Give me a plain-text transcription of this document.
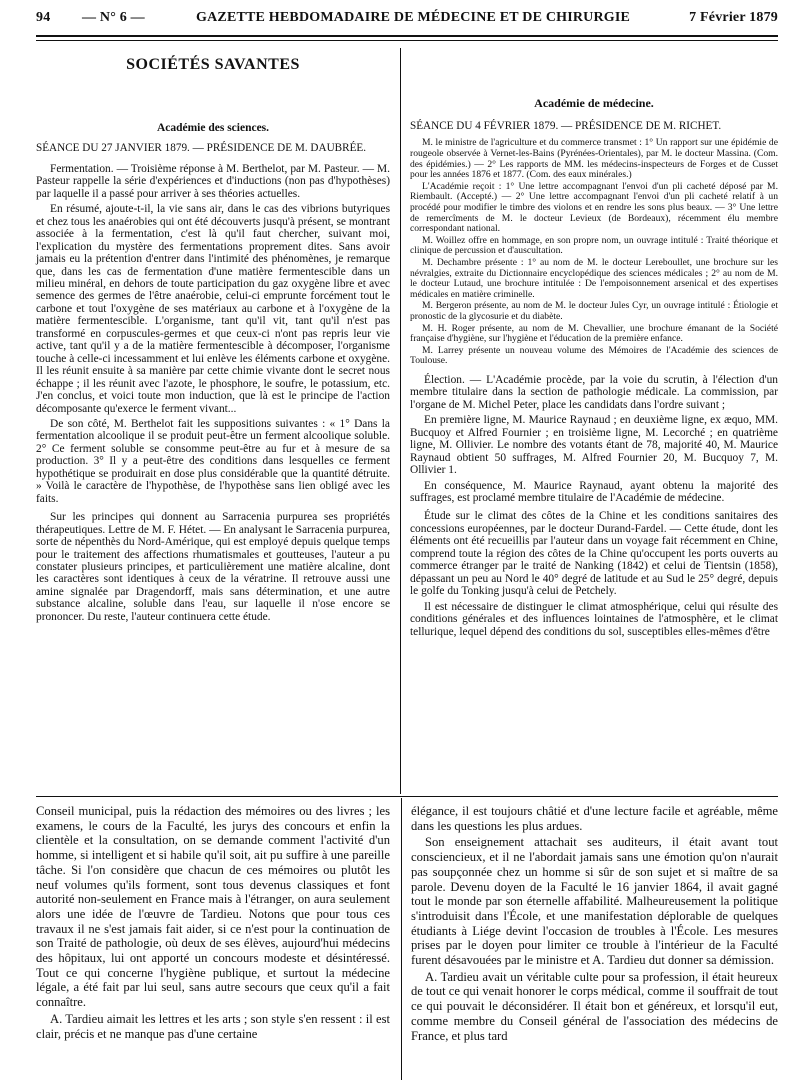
94 — N° 6 —	GAZETTE HEBDOMADAIRE DE MÉDECINE ET DE CHIRURGIE	7 Février 1879
SOCIÉTÉS SAVANTES

Académie des sciences.

SÉANCE DU 27 JANVIER 1879. — PRÉSIDENCE DE M. DAUBRÉE.

Fermentation. — Troisième réponse à M. Berthelot, par M. Pasteur. — M. Pasteur rappelle la série d'expériences et d'inductions (non pas d'hypothèses) par laquelle il a passé pour arriver à ses théories actuelles.

En résumé, ajoute-t-il, la vie sans air, dans le cas des vibrions butyriques et chez tous les anaérobies qui ont été découverts jusqu'à présent, se montrant associée à la fermentation, c'est là qu'il faut chercher, suivant moi, l'explication du mystère des fermentations proprement dites. Sans avoir jamais eu la prétention d'entrer dans l'intimité des phénomènes, je remarque que, dans les cas de fermentation d'une matière fermentescible dans un milieu minéral, en dehors de toute participation du gaz oxygène libre et avec semence des germes de l'être anaérobie, celui-ci emprunte forcément tout le carbone et tout l'oxygène de ses matériaux au carbone et à l'oxygène de la matière fermentescible. L'organisme, tant qu'il vit, tant qu'il n'est pas transformé en corpuscules-germes et que ceux-ci n'ont pas repris leur vie active, tant qu'il y a de la matière fermentescible à décomposer, l'organisme touche à celle-ci incessamment et lui enlève les éléments carbone et oxygène. Il les réunit ensuite à sa manière par cette chimie vivante dont le secret nous échappe ; il les réunit avec l'azote, le phosphore, le soufre, le potassium, etc. J'en conclus, et voici toute mon induction, que là est le principe de l'action décomposante qu'exerce le ferment vivant...

De son côté, M. Berthelot fait les suppositions suivantes : « 1° Dans la fermentation alcoolique il se produit peut-être un ferment alcoolique soluble. 2° Ce ferment soluble se consomme peut-être au fur et à mesure de sa production. 3° Il y a peut-être des conditions dans lesquelles ce ferment hypothétique se produirait en dose plus considérable que la quantité détruite. » Voilà le caractère de l'hypothèse, de l'hypothèse sans lien obligé avec les faits.

Sur les principes qui donnent au Sarracenia purpurea ses propriétés thérapeutiques. Lettre de M. F. Hétet. — En analysant le Sarracenia purpurea, sorte de népenthès du Nord-Amérique, qui est employé depuis quelque temps pour le traitement des affections rhumatismales et goutteuses, l'auteur a pu constater plusieurs principes, et particulièrement une matière alcaline, dont les caractères sont identiques à ceux de la vératrine. Il retrouve aussi une amine signalée par Dragendorff, mais sans détermination, et une autre substance alcaline, soluble dans l'eau, sur laquelle il n'ose encore se prononcer. Du reste, l'auteur continuera cette étude.

Académie de médecine.

SÉANCE DU 4 FÉVRIER 1879. — PRÉSIDENCE DE M. RICHET.

M. le ministre de l'agriculture et du commerce transmet : 1° Un rapport sur une épidémie de rougeole observée à Vernet-les-Bains (Pyrénées-Orientales), par M. le docteur Massina. (Com. des épidémies.) — 2° Les rapports de MM. les médecins-inspecteurs de Forges et de Cusset pour les années 1876 et 1877. (Com. des eaux minérales.)

L'Académie reçoit : 1° Une lettre accompagnant l'envoi d'un pli cacheté déposé par M. Riembault. (Accepté.) — 2° Une lettre accompagnant l'envoi d'un pli cacheté relatif à un procédé pour modifier le timbre des violons et en rendre les sons plus beaux. — 3° Une lettre de remercîments de M. le docteur Levieux (de Bordeaux), récemment élu membre correspondant national.

M. Woillez offre en hommage, en son propre nom, un ouvrage intitulé : Traité théorique et clinique de percussion et d'auscultation.

M. Dechambre présente : 1° au nom de M. le docteur Lereboullet, une brochure sur les névralgies, extraite du Dictionnaire encyclopédique des sciences médicales ; 2° au nom de M. le docteur Lutaud, une brochure intitulée : De l'empoisonnement arsenical et des expertises médicales en matière criminelle.

M. Bergeron présente, au nom de M. le docteur Jules Cyr, un ouvrage intitulé : Étiologie et pronostic de la glycosurie et du diabète.

M. H. Roger présente, au nom de M. Chevallier, une brochure émanant de la Société française d'hygiène, sur l'hygiène et l'éducation de la première enfance.

M. Larrey présente un nouveau volume des Mémoires de l'Académie des sciences de Toulouse.

Élection. — L'Académie procède, par la voie du scrutin, à l'élection d'un membre titulaire dans la section de pathologie médicale. La commission, par l'organe de M. Michel Peter, place les candidats dans l'ordre suivant ;

En première ligne, M. Maurice Raynaud ; en deuxième ligne, ex æquo, MM. Bucquoy et Alfred Fournier ; en troisième ligne, M. Lecorché ; en quatrième ligne, M. Ollivier. Le nombre des votants étant de 78, majorité 40, M. Maurice Raynaud obtient 50 suffrages, M. Alfred Fournier 20, M. Bucquoy 7, M. Ollivier 1.

En conséquence, M. Maurice Raynaud, ayant obtenu la majorité des suffrages, est proclamé membre titulaire de l'Académie de médecine.

Étude sur le climat des côtes de la Chine et les conditions sanitaires des concessions européennes, par le docteur Durand-Fardel. — Cette étude, dont les éléments ont été recueillis par l'auteur dans un voyage fait récemment en Chine, comprend toute la région des côtes de la Chine qu'occupent les ports ouverts au commerce étranger par le traité de Nanking (1842) et celui de Tientsin (1858), dépassant un peu au Nord le 40° degré de latitude et au Sud le 25° degré, depuis le golfe du Tonking jusqu'à celui de Petchely.

Il est nécessaire de distinguer le climat atmosphérique, celui qui résulte des conditions générales et des influences lointaines de l'atmosphère, et le climat tellurique, lequel dépend des conditions du sol, susceptibles elles-mêmes d'être

Conseil municipal, puis la rédaction des mémoires ou des livres ; les examens, le cours de la Faculté, les jurys des concours et enfin la clientèle et la consultation, on se demande comment l'activité d'un homme, si intelligent et si habile qu'il soit, ait pu suffire à une pareille tâche. Si l'on considère que chacun de ces mémoires ou plutôt les neuf volumes qu'ils forment, sont tous devenus classiques et font autorité non-seulement en France mais à l'étranger, on aura seulement alors une idée de l'œuvre de Tardieu. Notons que pour tous ces travaux il ne s'est jamais fait aider, si ce n'est pour la continuation de son Traité de pathologie, où deux de ses élèves, aujourd'hui médecins des hôpitaux, lui ont apporté un concours modeste et désintéressé. Tout ce qui concerne l'hygiène publique, et surtout la médecine légale, a été fait par lui seul, sans autre secours que ceux qu'il a fait connaître.

A. Tardieu aimait les lettres et les arts ; son style s'en ressent : il est clair, précis et ne manque pas d'une certaine

élégance, il est toujours châtié et d'une lecture facile et agréable, même dans les questions les plus ardues.

Son enseignement attachait ses auditeurs, il était avant tout consciencieux, et il ne l'abordait jamais sans une émotion qu'on n'aurait pas soupçonnée chez un homme si sûr de son sujet et si maître de sa parole. Devenu doyen de la Faculté le 16 janvier 1864, il avait gagné tout le monde par son éternelle affabilité. Malheureusement la politique s'introduisit dans l'École, et une manifestation déplorable de quelques étudiants à Liége devint l'occasion de troubles à l'École. Les mesures prises par le doyen pour limiter ce trouble à l'intérieur de la Faculté furent désavouées par le ministre et A. Tardieu dut donner sa démission.

A. Tardieu avait un véritable culte pour sa profession, il était heureux de tout ce qui venait honorer le corps médical, comme il souffrait de tout ce qui pouvait le déconsidérer. Il était bon et généreux, et lorsqu'il eut, comme membre du Conseil général de l'association des médecins de France, et plus tard
